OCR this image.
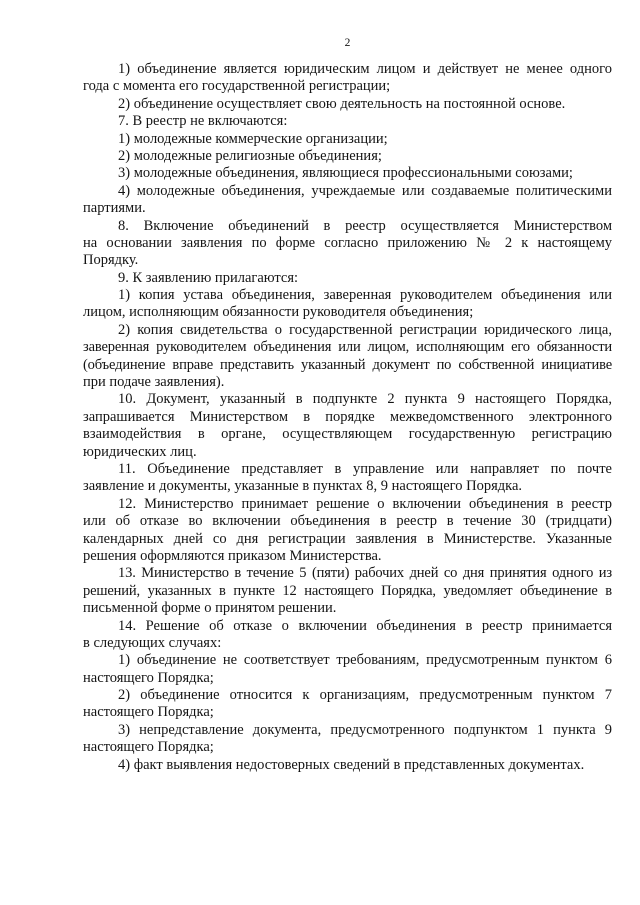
2
1) объединение является юридическим лицом и действует не менее одного
года с момента его государственной регистрации;
2) объединение осуществляет свою деятельность на постоянной основе.
7. В реестр не включаются:
1) молодежные коммерческие организации;
2) молодежные религиозные объединения;
3) молодежные объединения, являющиеся профессиональными союзами;
4) молодежные объединения, учреждаемые или создаваемые политическими
партиями.
8. Включение объединений в реестр осуществляется Министерством
на основании заявления по форме согласно приложению № 2 к настоящему
Порядку.
9. К заявлению прилагаются:
1) копия устава объединения, заверенная руководителем объединения или
лицом, исполняющим обязанности руководителя объединения;
2) копия свидетельства о государственной регистрации юридического лица,
заверенная руководителем объединения или лицом, исполняющим его обязанности
(объединение вправе представить указанный документ по собственной инициативе
при подаче заявления).
10. Документ, указанный в подпункте 2 пункта 9 настоящего Порядка,
запрашивается Министерством в порядке межведомственного электронного
взаимодействия в органе, осуществляющем государственную регистрацию
юридических лиц.
11. Объединение представляет в управление или направляет по почте
заявление и документы, указанные в пунктах 8, 9 настоящего Порядка.
12. Министерство принимает решение о включении объединения в реестр
или об отказе во включении объединения в реестр в течение 30 (тридцати)
календарных дней со дня регистрации заявления в Министерстве. Указанные
решения оформляются приказом Министерства.
13. Министерство в течение 5 (пяти) рабочих дней со дня принятия одного из
решений, указанных в пункте 12 настоящего Порядка, уведомляет объединение в
письменной форме о принятом решении.
14. Решение об отказе о включении объединения в реестр принимается
в следующих случаях:
1) объединение не соответствует требованиям, предусмотренным пунктом 6
настоящего Порядка;
2) объединение относится к организациям, предусмотренным пунктом 7
настоящего Порядка;
3) непредставление документа, предусмотренного подпунктом 1 пункта 9
настоящего Порядка;
4) факт выявления недостоверных сведений в представленных документах.
